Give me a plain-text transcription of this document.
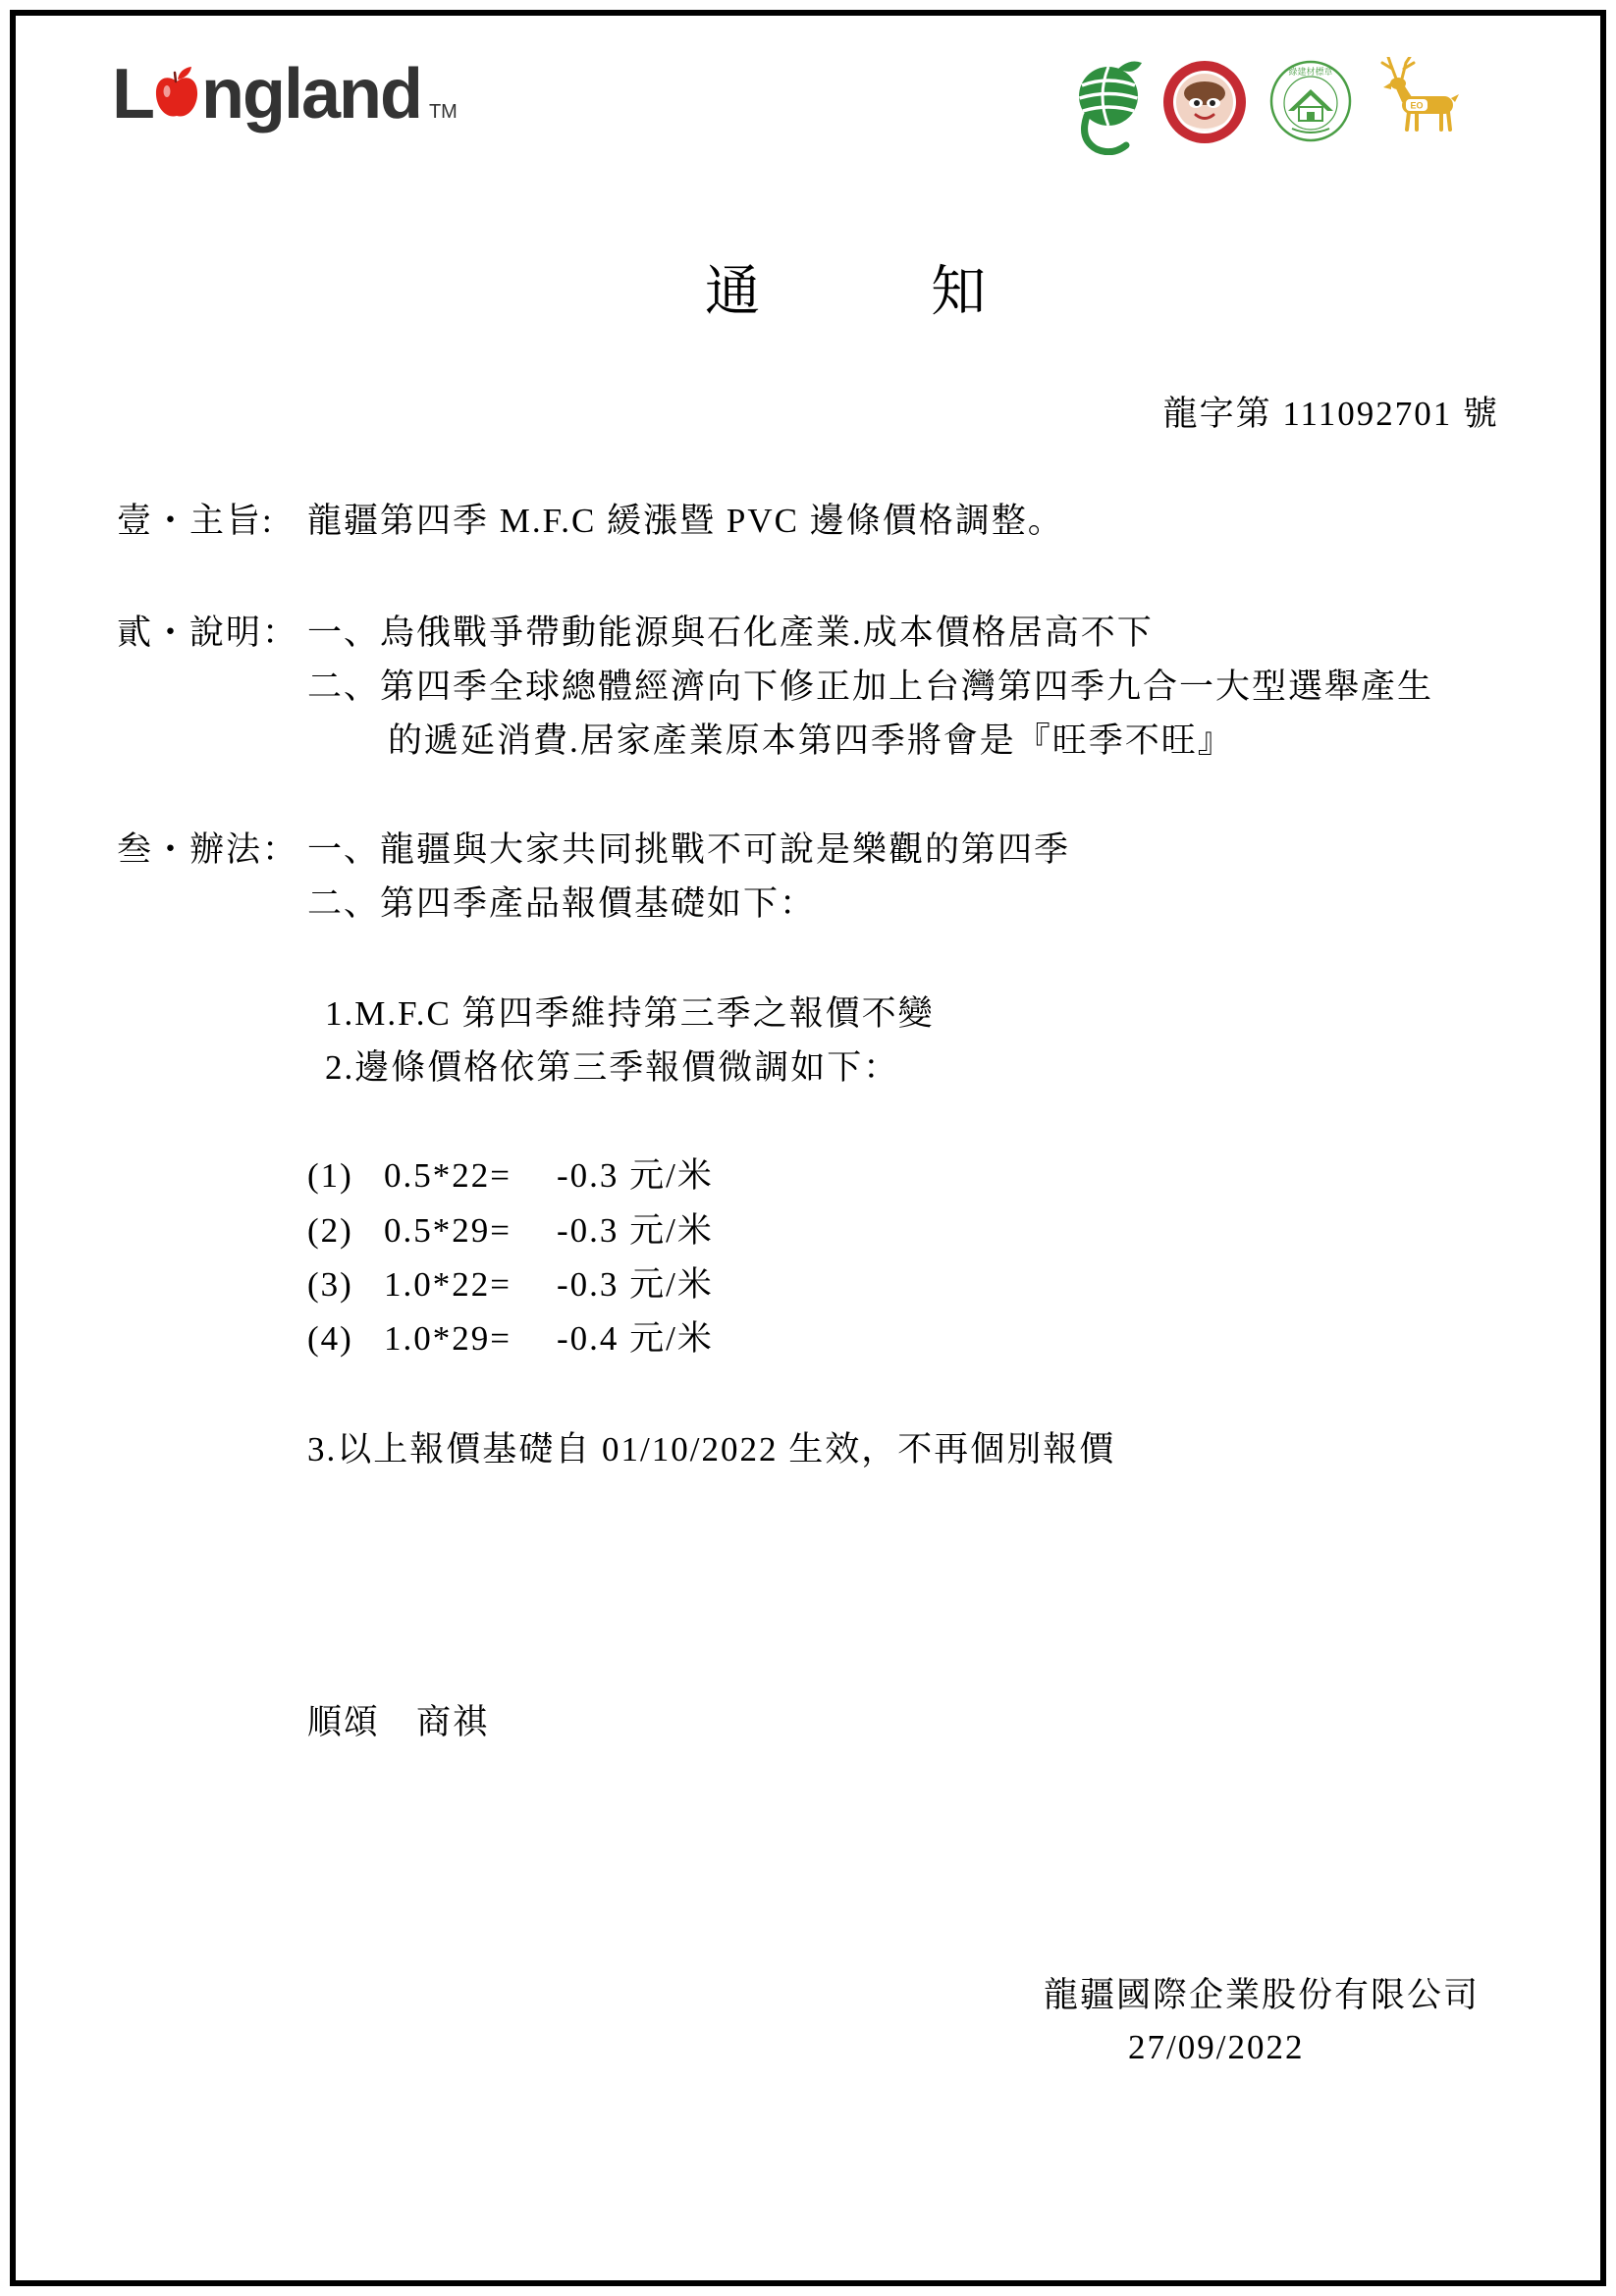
L ngland TM
綠建材標章
EO
通　　知
龍字第 111092701 號
壹・主旨: 龍疆第四季 M.F.C 緩漲暨 PVC 邊條價格調整。
貳・說明： 一、烏俄戰爭帶動能源與石化產業.成本價格居高不下
二、第四季全球總體經濟向下修正加上台灣第四季九合一大型選舉產生
的遞延消費.居家產業原本第四季將會是『旺季不旺』
叁・辦法： 一、龍疆與大家共同挑戰不可說是樂觀的第四季
二、第四季產品報價基礎如下：
1.M.F.C 第四季維持第三季之報價不變
2.邊條價格依第三季報價微調如下：
(1) 0.5*22= -0.3 元/米
(2) 0.5*29= -0.3 元/米
(3) 1.0*22= -0.3 元/米
(4) 1.0*29= -0.4 元/米
3.以上報價基礎自 01/10/2022 生效，不再個別報價
順頌　商祺
龍疆國際企業股份有限公司
27/09/2022
